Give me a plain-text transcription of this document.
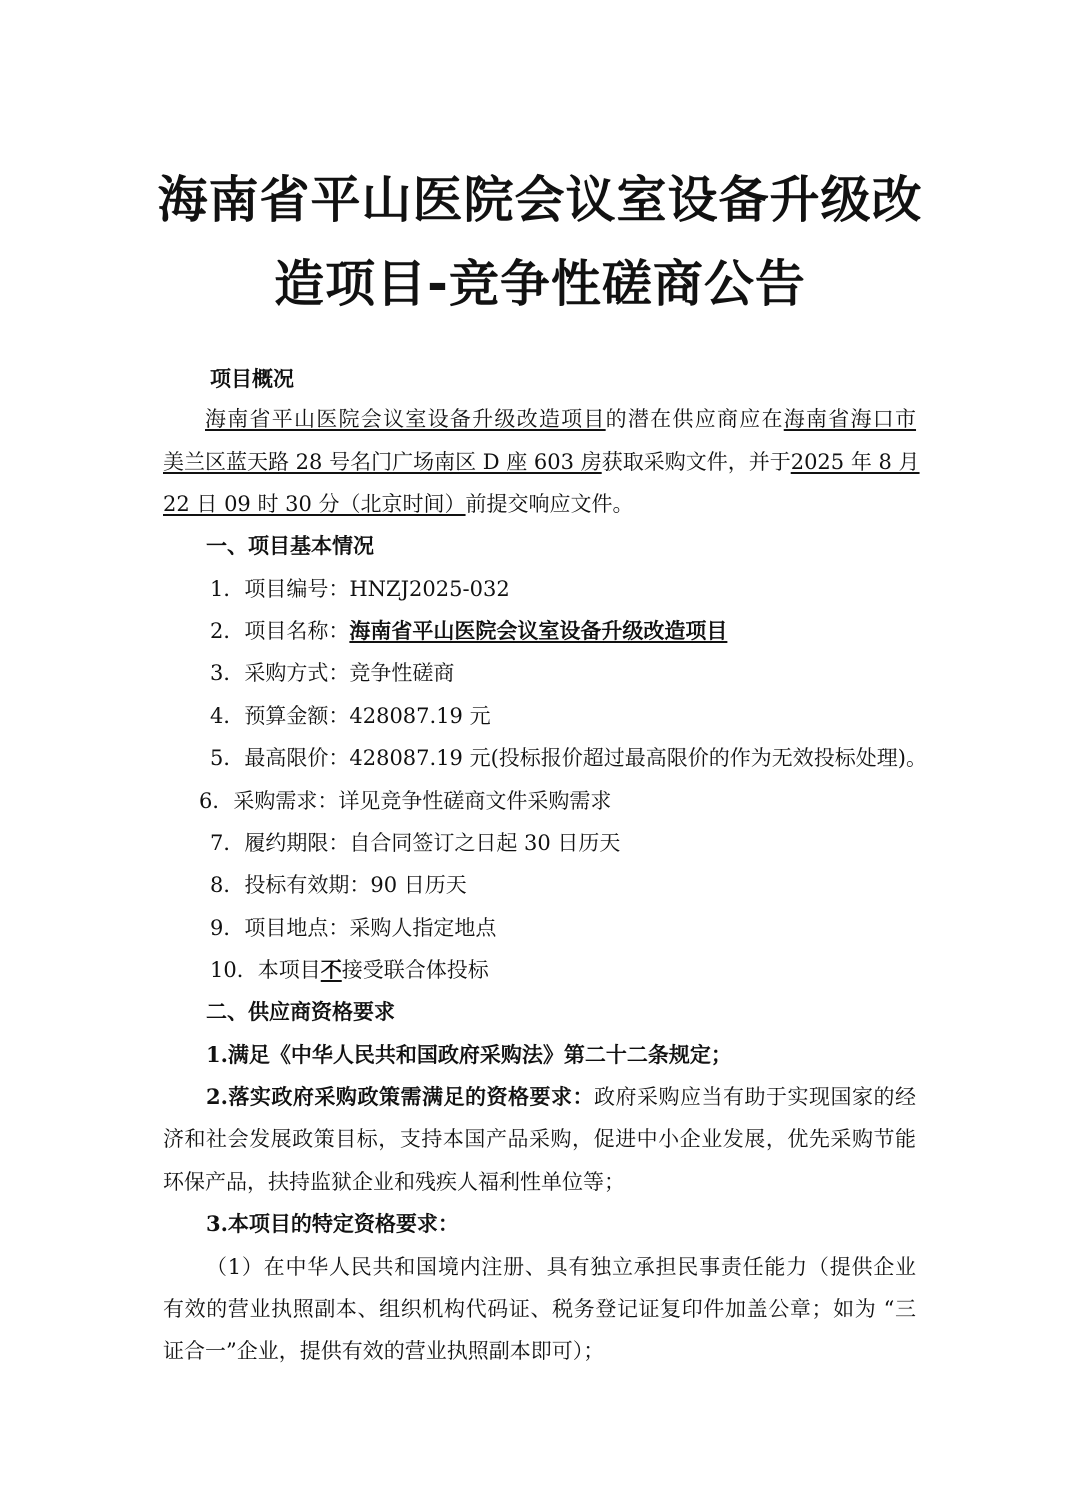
海南省平山医院会议室设备升级改
造项目-竞争性磋商公告
项目概况
海南省平山医院会议室设备升级改造项目的潜在供应商应在海南省海口市
美兰区蓝天路 28 号名门广场南区 D 座 603 房获取采购文件，并于2025 年 8 月
22 日 09 时 30 分（北京时间）前提交响应文件。
一、项目基本情况
1．项目编号：HNZJ2025-032
2．项目名称：海南省平山医院会议室设备升级改造项目
3．采购方式：竞争性磋商
4．预算金额：428087.19 元
5．最高限价：428087.19 元(投标报价超过最高限价的作为无效投标处理)。
6．采购需求：详见竞争性磋商文件采购需求
7．履约期限：自合同签订之日起 30 日历天
8．投标有效期：90 日历天
9．项目地点：采购人指定地点
10．本项目不接受联合体投标
二、供应商资格要求
1.满足《中华人民共和国政府采购法》第二十二条规定；
2.落实政府采购政策需满足的资格要求：政府采购应当有助于实现国家的经
济和社会发展政策目标，支持本国产品采购，促进中小企业发展，优先采购节能
环保产品，扶持监狱企业和残疾人福利性单位等；
3.本项目的特定资格要求：
（1）在中华人民共和国境内注册、具有独立承担民事责任能力（提供企业
有效的营业执照副本、组织机构代码证、税务登记证复印件加盖公章；如为 “三
证合一”企业，提供有效的营业执照副本即可）；
